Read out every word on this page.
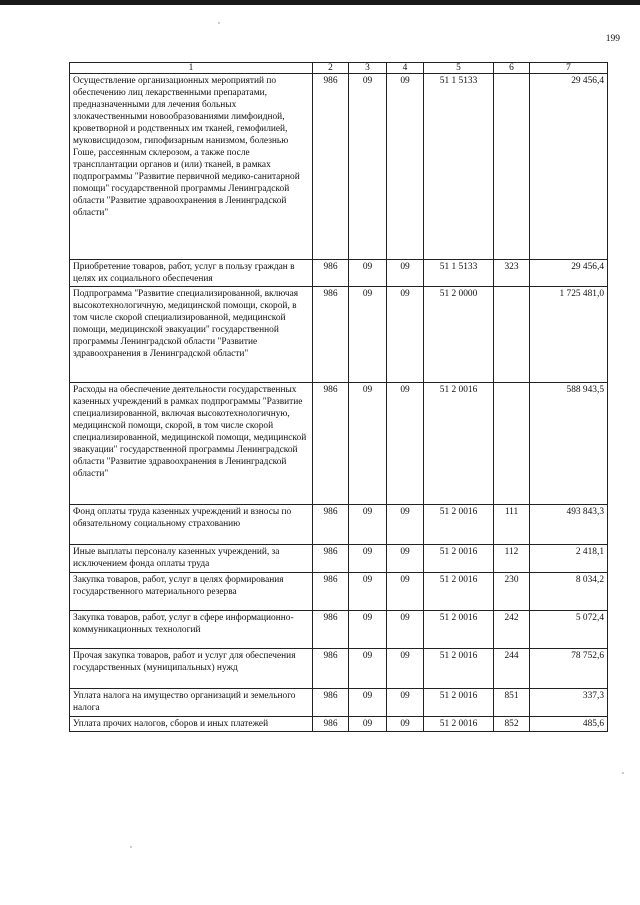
199
1	2	3	4	5	6	7
Осуществление организационных мероприятий по обеспечению лиц лекарственными препаратами, предназначенными для лечения больных злокачественными новообразованиями лимфоидной, кроветворной и родственных им тканей, гемофилией, муковисцидозом, гипофизарным нанизмом, болезнью Гоше, рассеянным склерозом, а также после трансплантации органов и (или) тканей, в рамках подпрограммы "Развитие первичной медико-санитарной помощи" государственной программы Ленинградской области "Развитие здравоохранения в Ленинградской области"	986	09	09	51 1 5133		29 456,4
Приобретение товаров, работ, услуг в пользу граждан в целях их социального обеспечения	986	09	09	51 1 5133	323	29 456,4
Подпрограмма "Развитие специализированной, включая высокотехнологичную, медицинской помощи, скорой, в том числе скорой специализированной, медицинской помощи, медицинской эвакуации" государственной программы Ленинградской области "Развитие здравоохранения в Ленинградской области"	986	09	09	51 2 0000		1 725 481,0
Расходы на обеспечение деятельности государственных казенных учреждений в рамках подпрограммы "Развитие специализированной, включая высокотехнологичную, медицинской помощи, скорой, в том числе скорой специализированной, медицинской помощи, медицинской эвакуации" государственной программы Ленинградской области "Развитие здравоохранения в Ленинградской области"	986	09	09	51 2 0016		588 943,5
Фонд оплаты труда казенных учреждений и взносы по обязательному социальному страхованию	986	09	09	51 2 0016	111	493 843,3
Иные выплаты персоналу казенных учреждений, за исключением фонда оплаты труда	986	09	09	51 2 0016	112	2 418,1
Закупка товаров, работ, услуг в целях формирования государственного материального резерва	986	09	09	51 2 0016	230	8 034,2
Закупка товаров, работ, услуг в сфере информационно-коммуникационных технологий	986	09	09	51 2 0016	242	5 072,4
Прочая закупка товаров, работ и услуг для обеспечения государственных (муниципальных) нужд	986	09	09	51 2 0016	244	78 752,6
Уплата налога на имущество организаций и земельного налога	986	09	09	51 2 0016	851	337,3
Уплата прочих налогов, сборов и иных платежей	986	09	09	51 2 0016	852	485,6
